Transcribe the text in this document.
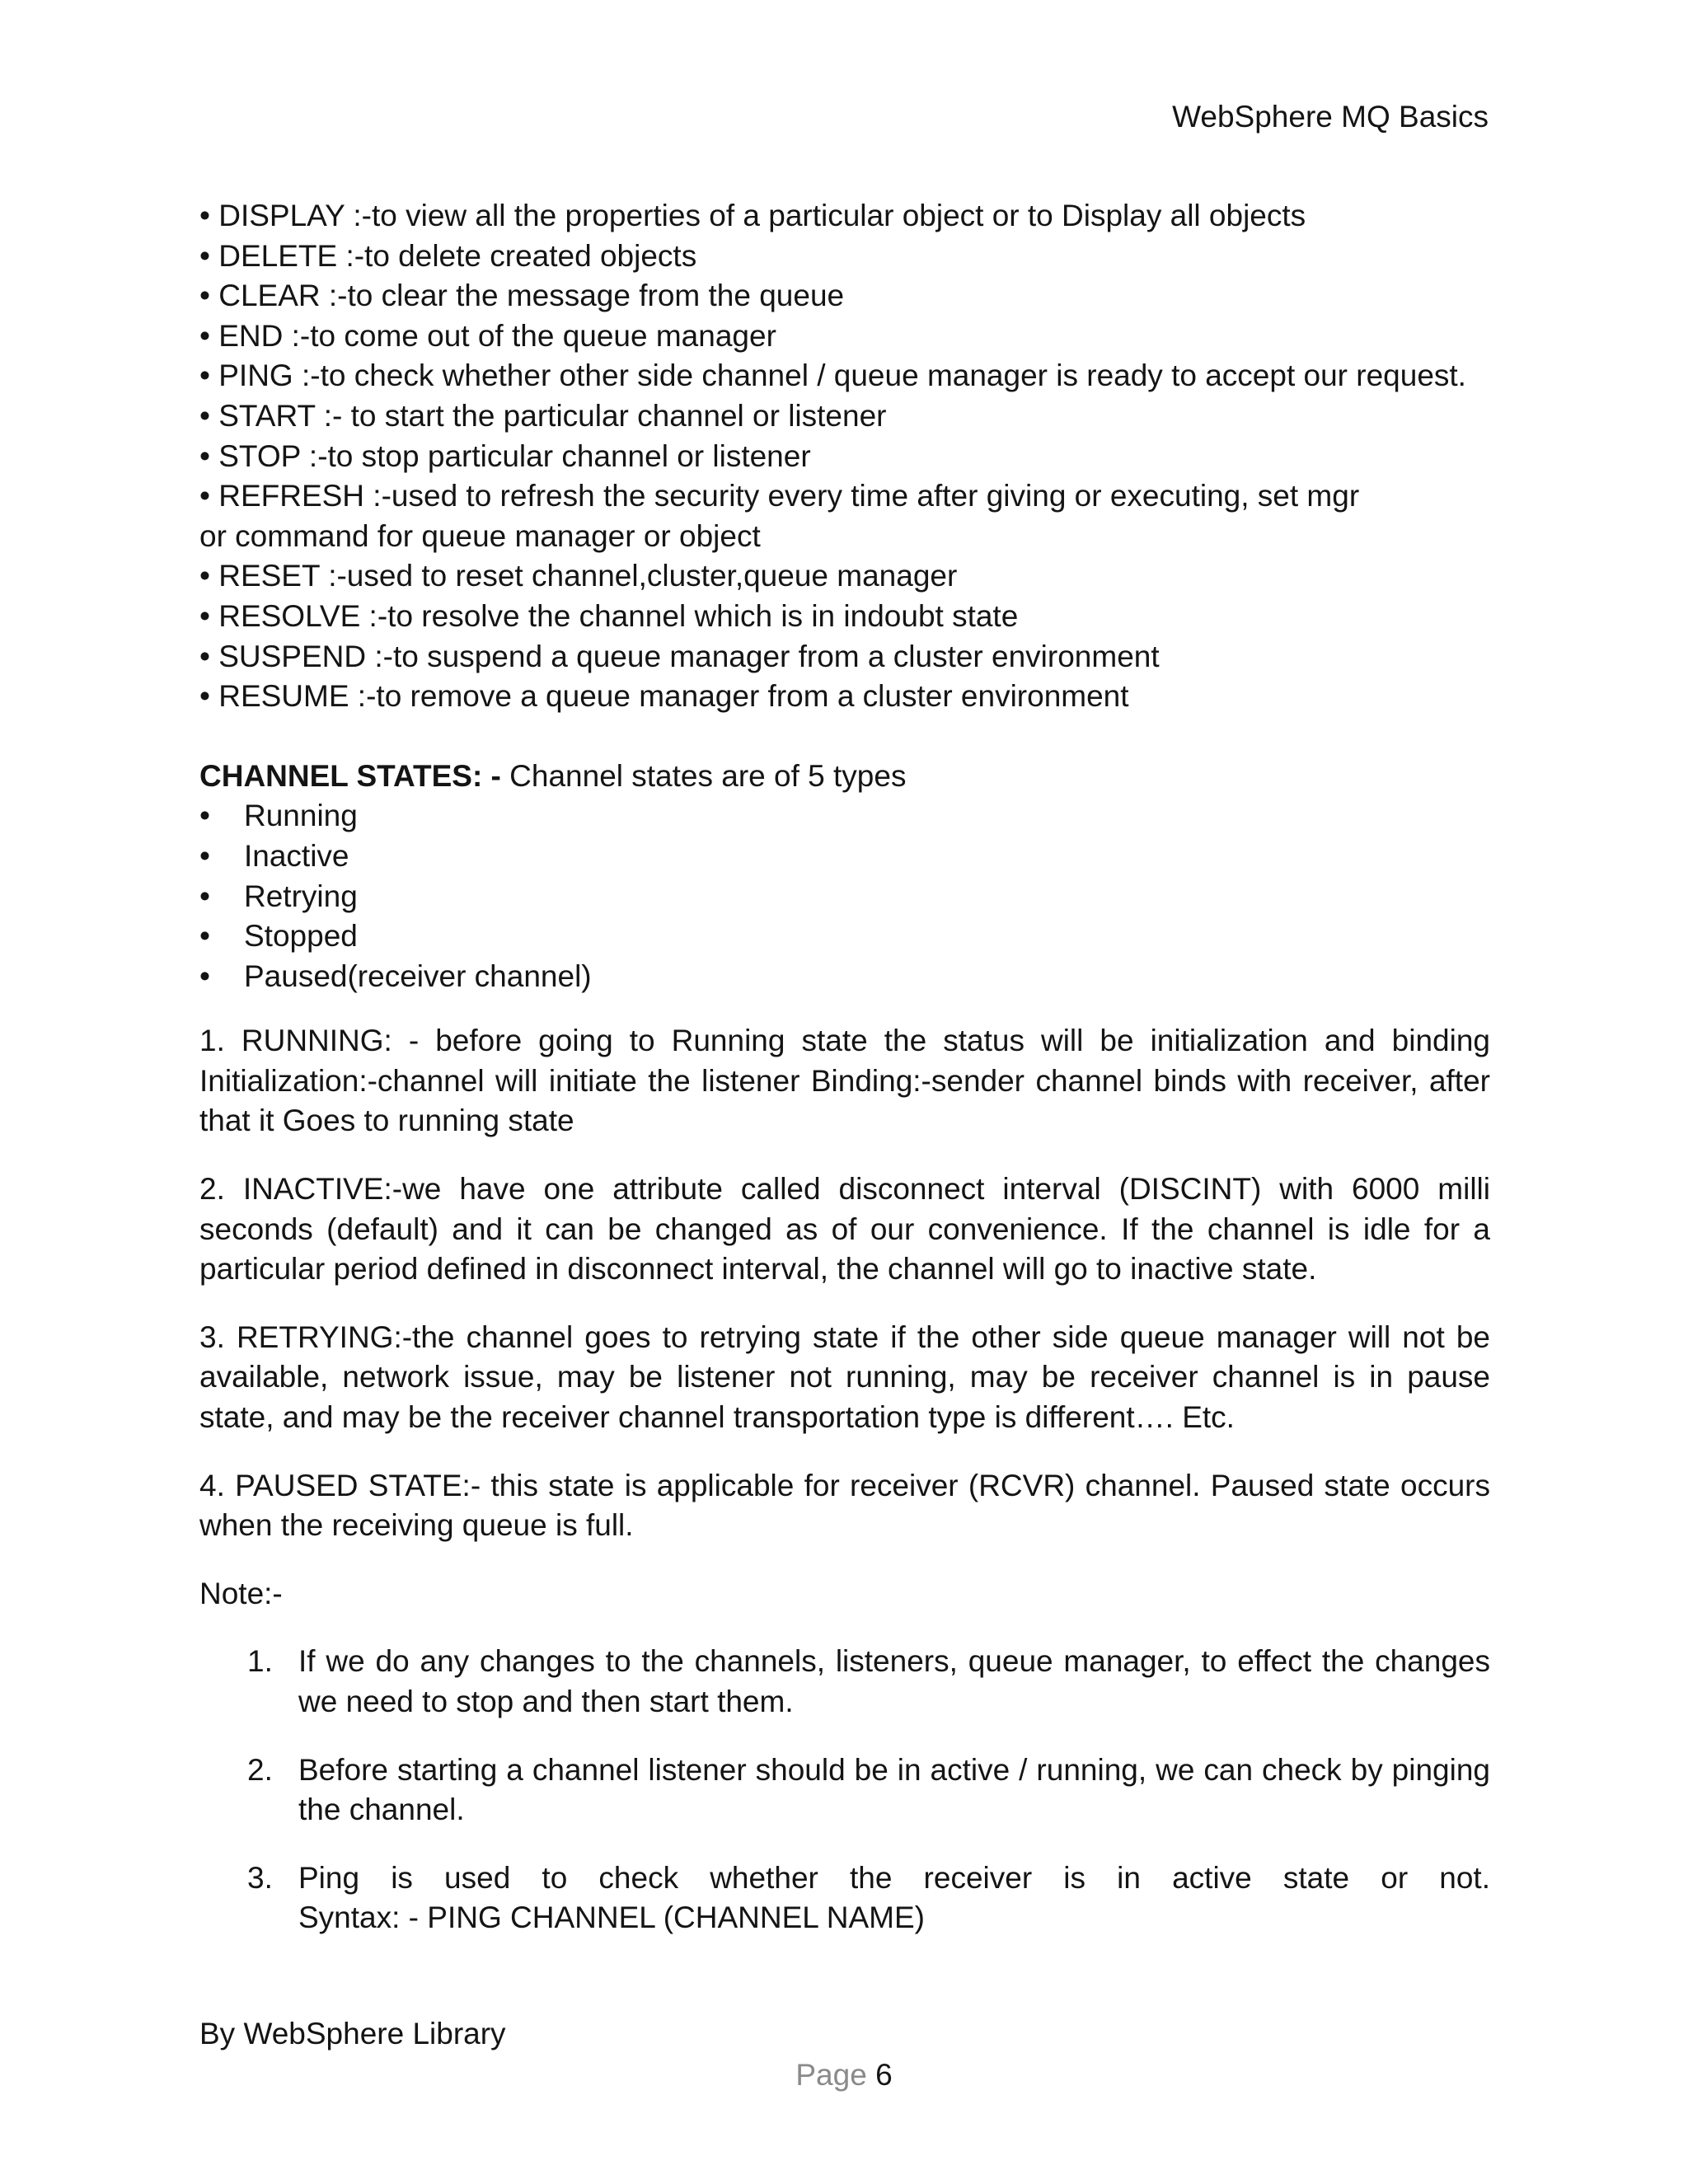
WebSphere MQ Basics
• DISPLAY :-to view all the properties of a particular object or to Display all objects
• DELETE :-to delete created objects
• CLEAR :-to clear the message from the queue
• END :-to come out of the queue manager
• PING :-to check whether other side channel / queue manager is ready to accept our request.
• START :- to start the particular channel or listener
• STOP :-to stop particular channel or listener
• REFRESH :-used to refresh the security every time after giving or executing, set mgr or command for queue manager or object
• RESET :-used to reset channel,cluster,queue manager
• RESOLVE :-to resolve the channel which is in indoubt state
• SUSPEND :-to suspend a queue manager from a cluster environment
• RESUME :-to remove a queue manager from a cluster environment
CHANNEL STATES: - Channel states are of 5 types
• Running
• Inactive
• Retrying
• Stopped
• Paused(receiver channel)
1. RUNNING: - before going to Running state the status will be initialization and binding Initialization:-channel will initiate the listener Binding:-sender channel binds with receiver, after that it Goes to running state
2. INACTIVE:-we have one attribute called disconnect interval (DISCINT) with 6000 milli seconds (default) and it can be changed as of our convenience. If the channel is idle for a particular period defined in disconnect interval, the channel will go to inactive state.
3. RETRYING:-the channel goes to retrying state if the other side queue manager will not be available, network issue, may be listener not running, may be receiver channel is in pause state, and may be the receiver channel transportation type is different…. Etc.
4. PAUSED STATE:- this state is applicable for receiver (RCVR) channel. Paused state occurs when the receiving queue is full.
Note:-
1. If we do any changes to the channels, listeners, queue manager, to effect the changes we need to stop and then start them.
2. Before starting a channel listener should be in active / running, we can check by pinging the channel.
3. Ping is used to check whether the receiver is in active state or not.
Syntax: - PING CHANNEL (CHANNEL NAME)
By WebSphere Library
Page 6
